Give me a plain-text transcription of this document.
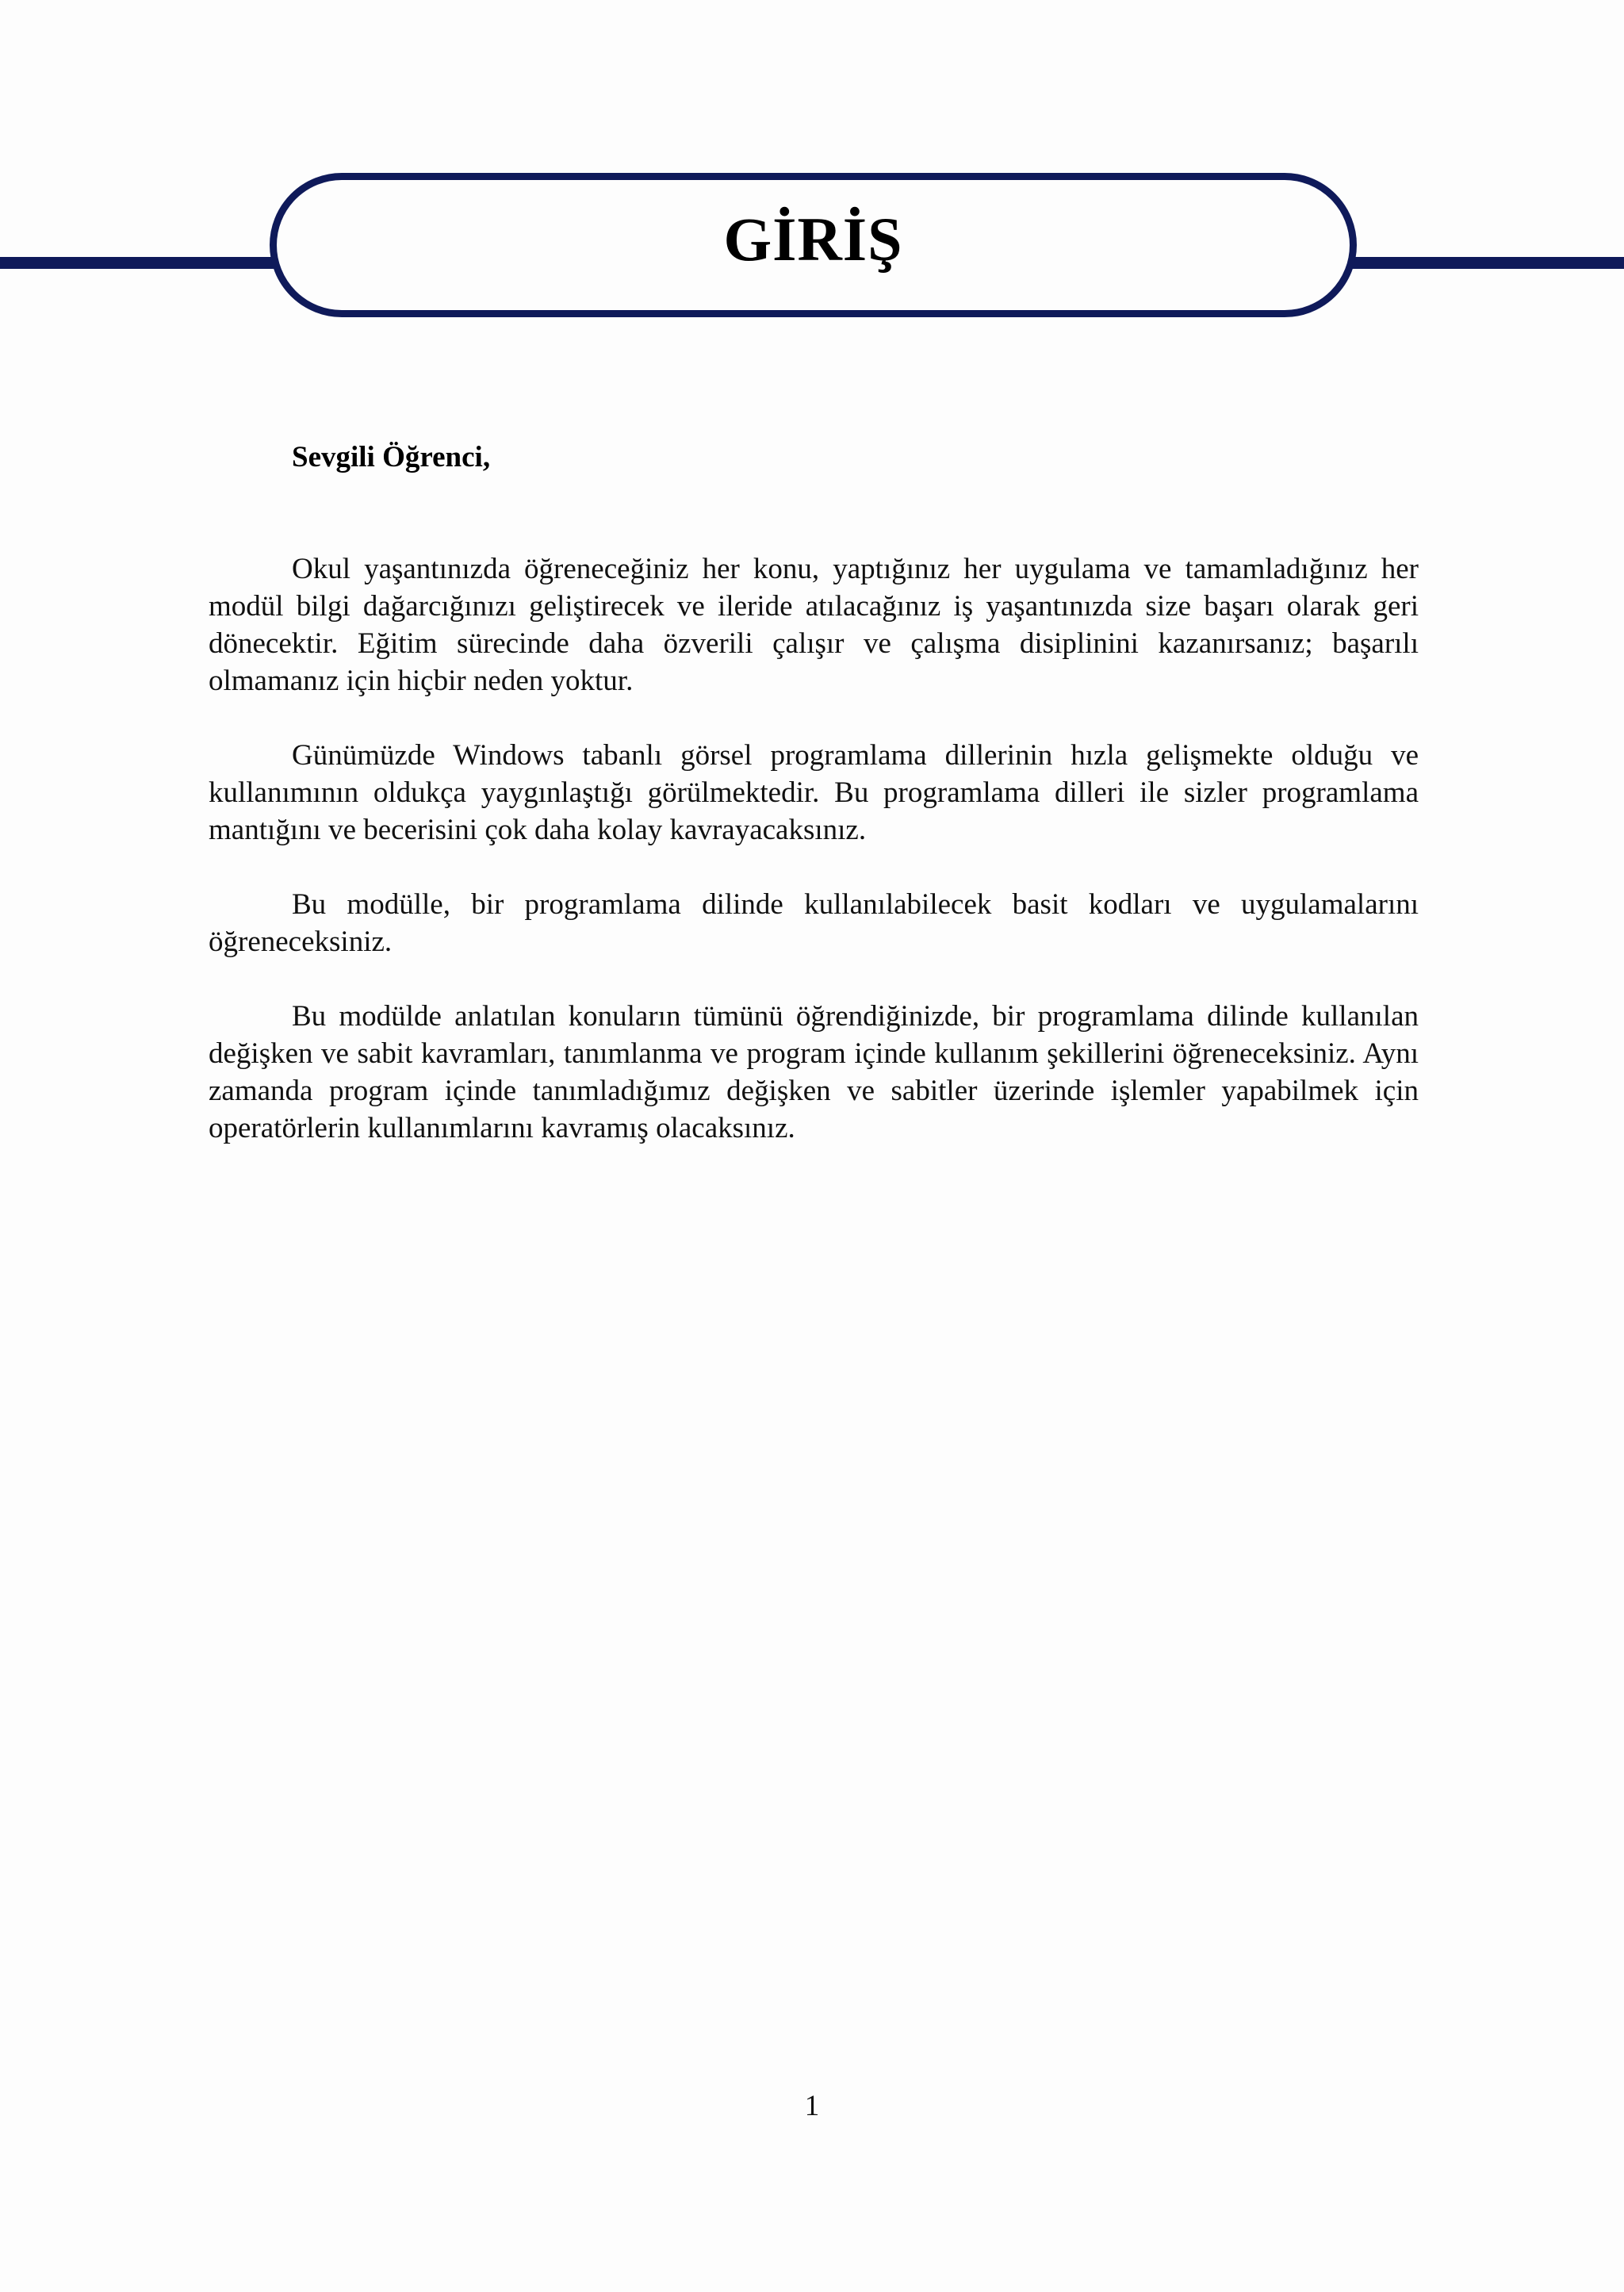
GİRİŞ
Sevgili Öğrenci,

Okul yaşantınızda öğreneceğiniz her konu, yaptığınız her uygulama ve tamamladığınız her modül bilgi dağarcığınızı geliştirecek ve ileride atılacağınız iş yaşantınızda size başarı olarak geri dönecektir. Eğitim sürecinde daha özverili çalışır ve çalışma disiplinini kazanırsanız; başarılı olmamanız için hiçbir neden yoktur.

Günümüzde Windows tabanlı görsel programlama dillerinin hızla gelişmekte olduğu ve kullanımının oldukça yaygınlaştığı görülmektedir. Bu programlama dilleri ile sizler programlama mantığını ve becerisini çok daha kolay kavrayacaksınız.

Bu modülle, bir programlama dilinde kullanılabilecek basit kodları ve uygulamalarını öğreneceksiniz.

Bu modülde anlatılan konuların tümünü öğrendiğinizde, bir programlama dilinde kullanılan değişken ve sabit kavramları, tanımlanma ve program içinde kullanım şekillerini öğreneceksiniz. Aynı zamanda program içinde tanımladığımız değişken ve sabitler üzerinde işlemler yapabilmek için operatörlerin kullanımlarını kavramış olacaksınız.

1
